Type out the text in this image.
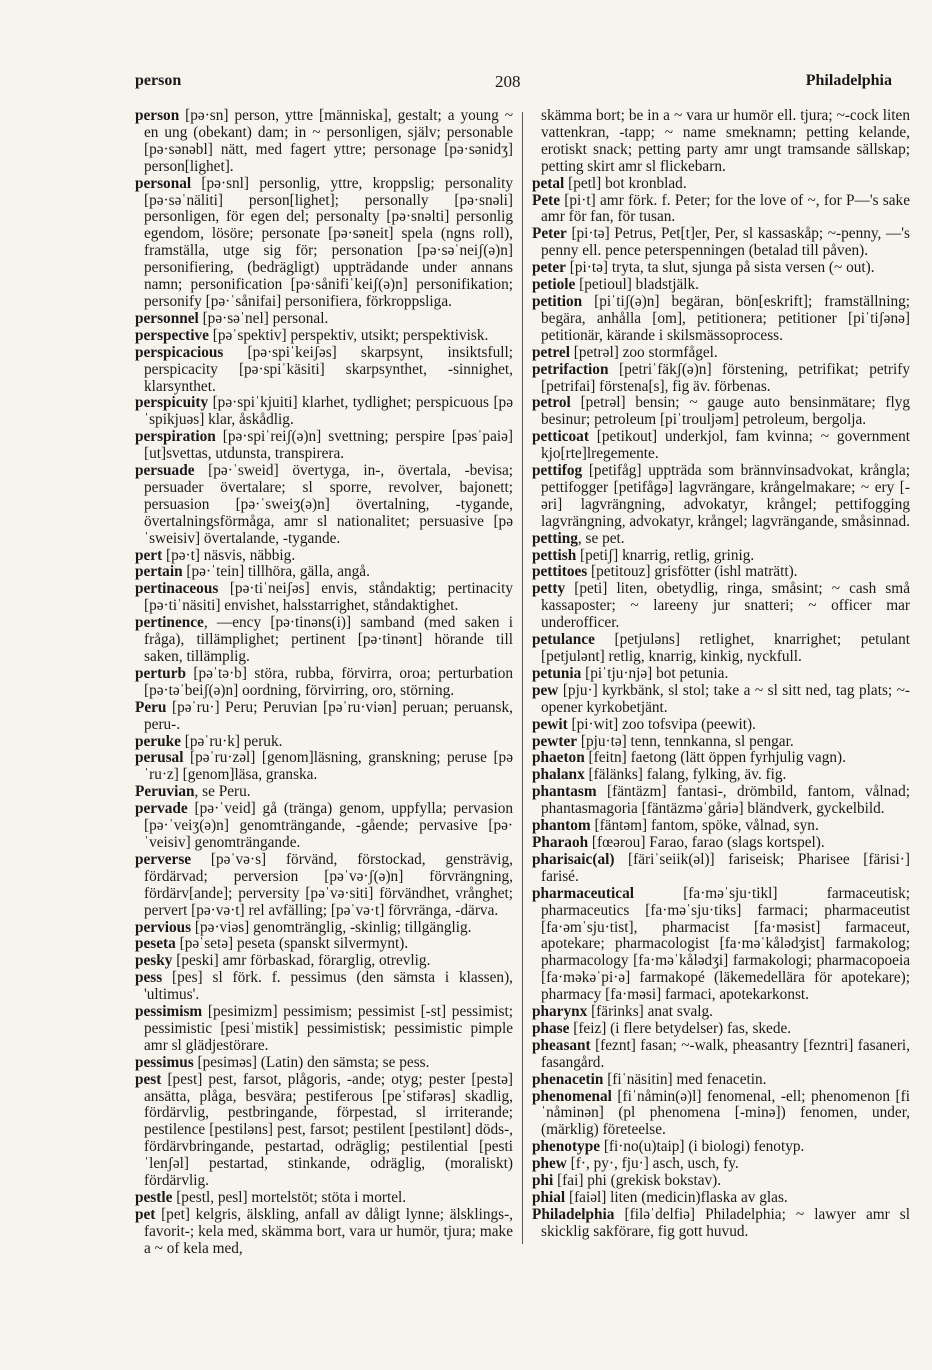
person	208	Philadelphia

person [pə·sn] person, yttre [människa], gestalt; a young ~ en ung (obekant) dam; in ~ personligen, själv; personable [pə·sənəbl] nätt, med fagert yttre; personage [pə·sənidʒ] person[lighet].

personal [pə·snl] personlig, yttre, kroppslig; personality [pə·səˈnäliti] person[lighet]; personally [pə·snəli] personligen, för egen del; personalty [pə·snəlti] personlig egendom, lösöre; personate [pə·səneit] spela (ngns roll), framställa, utge sig för; personation [pə·səˈneiʃ(ə)n] personifiering, (bedrägligt) uppträdande under annans namn; personification [pə·sånifiˈkeiʃ(ə)n] personifikation; personify [pə·ˈsånifai] personifiera, förkroppsliga.

personnel [pə·səˈnel] personal.

perspective [pəˈspektiv] perspektiv, utsikt; perspektivisk.

perspicacious [pə·spiˈkeiʃəs] skarpsynt, insiktsfull; perspicacity [pə·spiˈkäsiti] skarpsynthet, -sinnighet, klarsynthet.

perspicuity [pə·spiˈkjuiti] klarhet, tydlighet; perspicuous [pəˈspikjuəs] klar, åskådlig.

perspiration [pə·spiˈreiʃ(ə)n] svettning; perspire [pəsˈpaiə] [ut]svettas, utdunsta, transpirera.

persuade [pə·ˈsweid] övertyga, in-, övertala, -bevisa; persuader övertalare; sl sporre, revolver, bajonett; persuasion [pə·ˈsweiʒ(ə)n] övertalning, -tygande, övertalningsförmåga, amr sl nationalitet; persuasive [pəˈsweisiv] övertalande, -tygande.

pert [pə·t] näsvis, näbbig.

pertain [pə·ˈtein] tillhöra, gälla, angå.

pertinaceous [pə·tiˈneiʃəs] envis, ståndaktig; pertinacity [pə·tiˈnäsiti] envishet, halsstarrighet, ståndaktighet.

pertinence, —ency [pə·tinəns(i)] samband (med saken i fråga), tillämplighet; pertinent [pə·tinənt] hörande till saken, tillämplig.

perturb [pəˈtə·b] störa, rubba, förvirra, oroa; perturbation [pə·təˈbeiʃ(ə)n] oordning, förvirring, oro, störning.

Peru [pəˈru·] Peru; Peruvian [pəˈru·viən] peruan; peruansk, peru-.

peruke [pəˈru·k] peruk.

perusal [pəˈru·zəl] [genom]läsning, granskning; peruse [pəˈru·z] [genom]läsa, granska.

Peruvian, se Peru.

pervade [pə·ˈveid] gå (tränga) genom, uppfylla; pervasion [pə·ˈveiʒ(ə)n] genomträngande, -gående; pervasive [pə·ˈveisiv] genomträngande.

perverse [pəˈvə·s] förvänd, förstockad, gensträvig, fördärvad; perversion [pəˈvə·ʃ(ə)n] förvrängning, fördärv[ande]; perversity [pəˈvə·siti] förvändhet, vrånghet; pervert [pə·və·t] rel avfälling; [pəˈvə·t] förvränga, -därva.

pervious [pə·viəs] genomtränglig, -skinlig; tillgänglig.

peseta [pəˈsetə] peseta (spanskt silvermynt).

pesky [peski] amr förbaskad, förarglig, otrevlig.

pess [pes] sl förk. f. pessimus (den sämsta i klassen), 'ultimus'.

pessimism [pesimizm] pessimism; pessimist [-st] pessimist; pessimistic [pesiˈmistik] pessimistisk; pessimistic pimple amr sl glädjestörare.

pessimus [pesiməs] (Latin) den sämsta; se pess.

pest [pest] pest, farsot, plågoris, -ande; otyg; pester [pestə] ansätta, plåga, besvära; pestiferous [peˈstifərəs] skadlig, fördärvlig, pestbringande, förpestad, sl irriterande; pestilence [pestiləns] pest, farsot; pestilent [pestilənt] döds-, fördärvbringande, pestartad, odräglig; pestilential [pestiˈlenʃəl] pestartad, stinkande, odräglig, (moraliskt) fördärvlig.

pestle [pestl, pesl] mortelstöt; stöta i mortel.

pet [pet] kelgris, älskling, anfall av dåligt lynne; älsklings-, favorit-; kela med, skämma bort, vara ur humör, tjura; make a ~ of kela med,

skämma bort; be in a ~ vara ur humör ell. tjura; ~-cock liten vattenkran, -tapp; ~ name smeknamn; petting kelande, erotiskt snack; petting party amr ungt tramsande sällskap; petting skirt amr sl flickebarn.

petal [petl] bot kronblad.

Pete [pi·t] amr förk. f. Peter; for the love of ~, for P—'s sake amr för fan, för tusan.

Peter [pi·tə] Petrus, Pet[t]er, Per, sl kassaskåp; ~-penny, —'s penny ell. pence peterspenningen (betalad till påven).

peter [pi·tə] tryta, ta slut, sjunga på sista versen (~ out).

petiole [petioul] bladstjälk.

petition [piˈtiʃ(ə)n] begäran, bön[eskrift]; framställning; begära, anhålla [om], petitionera; petitioner [piˈtiʃənə] petitionär, kärande i skilsmässoprocess.

petrel [petrəl] zoo stormfågel.

petrifaction [petriˈfäkʃ(ə)n] förstening, petrifikat; petrify [petrifai] förstena[s], fig äv. förbenas.

petrol [petrəl] bensin; ~ gauge auto bensinmätare; flyg besinur; petroleum [piˈtrouljəm] petroleum, bergolja.

petticoat [petikout] underkjol, fam kvinna; ~ government kjo[rte]lregemente.

pettifog [petifåg] uppträda som brännvinsadvokat, krångla; pettifogger [petifågə] lagvrängare, krångelmakare; ~ ery [-əri] lagvrängning, advokatyr, krångel; pettifogging lagvrängning, advokatyr, krångel; lagvrängande, småsinnad.

petting, se pet.

pettish [petiʃ] knarrig, retlig, grinig.

pettitoes [petitouz] grisfötter (ishl maträtt).

petty [peti] liten, obetydlig, ringa, småsint; ~ cash små kassaposter; ~ lareeny jur snatteri; ~ officer mar underofficer.

petulance [petjuləns] retlighet, knarrighet; petulant [petjulənt] retlig, knarrig, kinkig, nyckfull.

petunia [piˈtju·njə] bot petunia.

pew [pju·] kyrkbänk, sl stol; take a ~ sl sitt ned, tag plats; ~-opener kyrkobetjänt.

pewit [pi·wit] zoo tofsvipa (peewit).

pewter [pju·tə] tenn, tennkanna, sl pengar.

phaeton [feitn] faetong (lätt öppen fyrhjulig vagn).

phalanx [fälänks] falang, fylking, äv. fig.

phantasm [fäntäzm] fantasi-, drömbild, fantom, vålnad; phantasmagoria [fäntäzməˈgåriə] bländverk, gyckelbild.

phantom [fäntəm] fantom, spöke, vålnad, syn.

Pharaoh [fœərou] Farao, farao (slags kortspel).

pharisaic(al) [färiˈseiik(əl)] fariseisk; Pharisee [färisi·] farisé.

pharmaceutical [fa·məˈsju·tikl] farmaceutisk; pharmaceutics [fa·məˈsju·tiks] farmaci; pharmaceutist [fa·əmˈsju·tist], pharmacist [fa·məsist] farmaceut, apotekare; pharmacologist [fa·məˈkålədʒist] farmakolog; pharmacology [fa·məˈkålədʒi] farmakologi; pharmacopoeia [fa·məkəˈpi·ə] farmakopé (läkemedellära för apotekare); pharmacy [fa·məsi] farmaci, apotekarkonst.

pharynx [färinks] anat svalg.

phase [feiz] (i flere betydelser) fas, skede.

pheasant [feznt] fasan; ~-walk, pheasantry [fezntri] fasaneri, fasangård.

phenacetin [fiˈnäsitin] med fenacetin.

phenomenal [fiˈnåmin(ə)l] fenomenal, -ell; phenomenon [fiˈnåminən] (pl phenomena [-minə]) fenomen, under, (märklig) företeelse.

phenotype [fi·no(u)taip] (i biologi) fenotyp.

phew [f·, py·, fju·] asch, usch, fy.

phi [fai] phi (grekisk bokstav).

phial [faiəl] liten (medicin)flaska av glas.

Philadelphia [filəˈdelfiə] Philadelphia; ~ lawyer amr sl skicklig sakförare, fig gott huvud.
